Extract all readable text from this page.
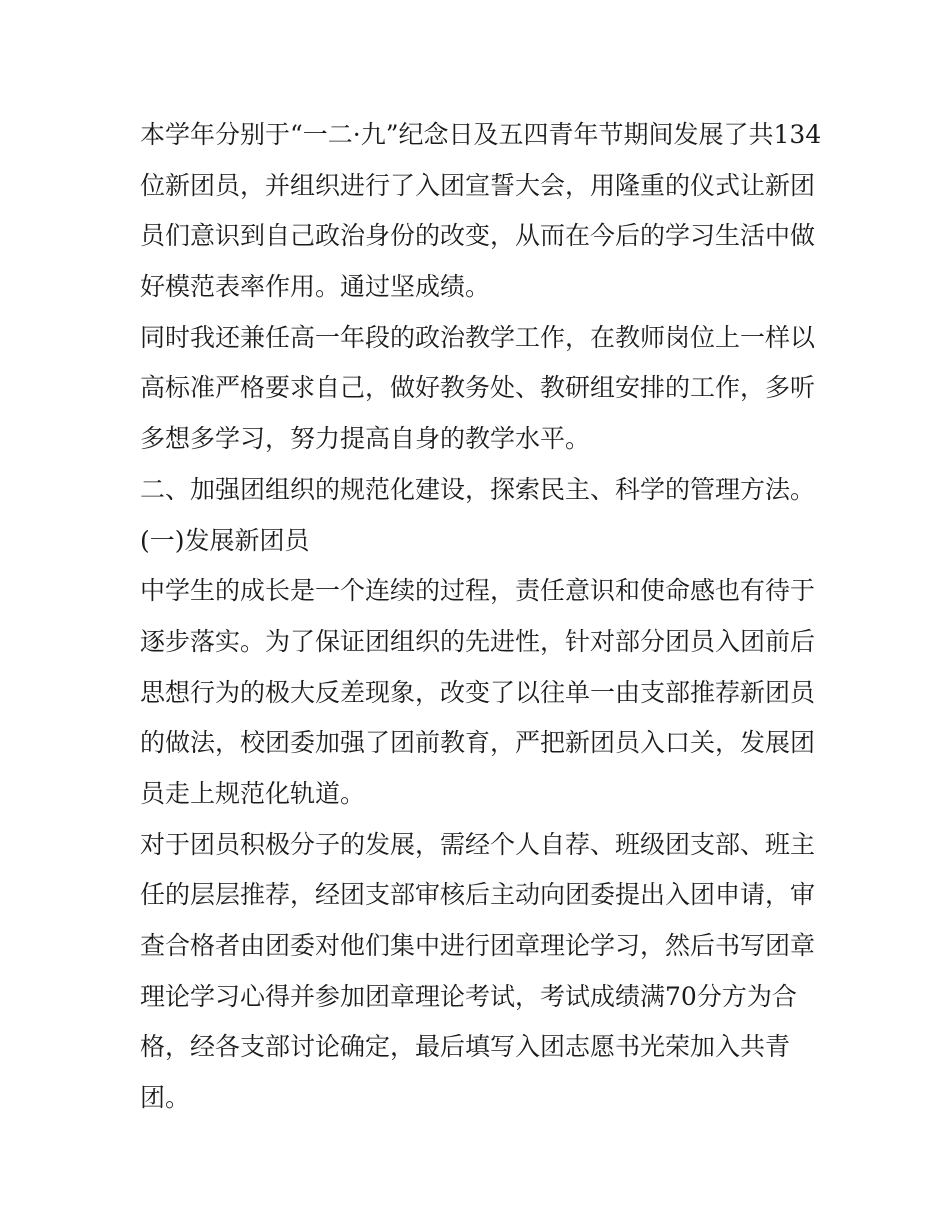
本学年分别于“一二·九”纪念日及五四青年节期间发展了共134
位新团员，并组织进行了入团宣誓大会，用隆重的仪式让新团
员们意识到自己政治身份的改变，从而在今后的学习生活中做
好模范表率作用。通过坚成绩。
同时我还兼任高一年段的政治教学工作，在教师岗位上一样以
高标准严格要求自己，做好教务处、教研组安排的工作，多听
多想多学习，努力提高自身的教学水平。
二、加强团组织的规范化建设，探索民主、科学的管理方法。
(一)发展新团员
中学生的成长是一个连续的过程，责任意识和使命感也有待于
逐步落实。为了保证团组织的先进性，针对部分团员入团前后
思想行为的极大反差现象，改变了以往单一由支部推荐新团员
的做法，校团委加强了团前教育，严把新团员入口关，发展团
员走上规范化轨道。
对于团员积极分子的发展，需经个人自荐、班级团支部、班主
任的层层推荐，经团支部审核后主动向团委提出入团申请，审
查合格者由团委对他们集中进行团章理论学习，然后书写团章
理论学习心得并参加团章理论考试，考试成绩满70分方为合
格，经各支部讨论确定，最后填写入团志愿书光荣加入共青
团。
